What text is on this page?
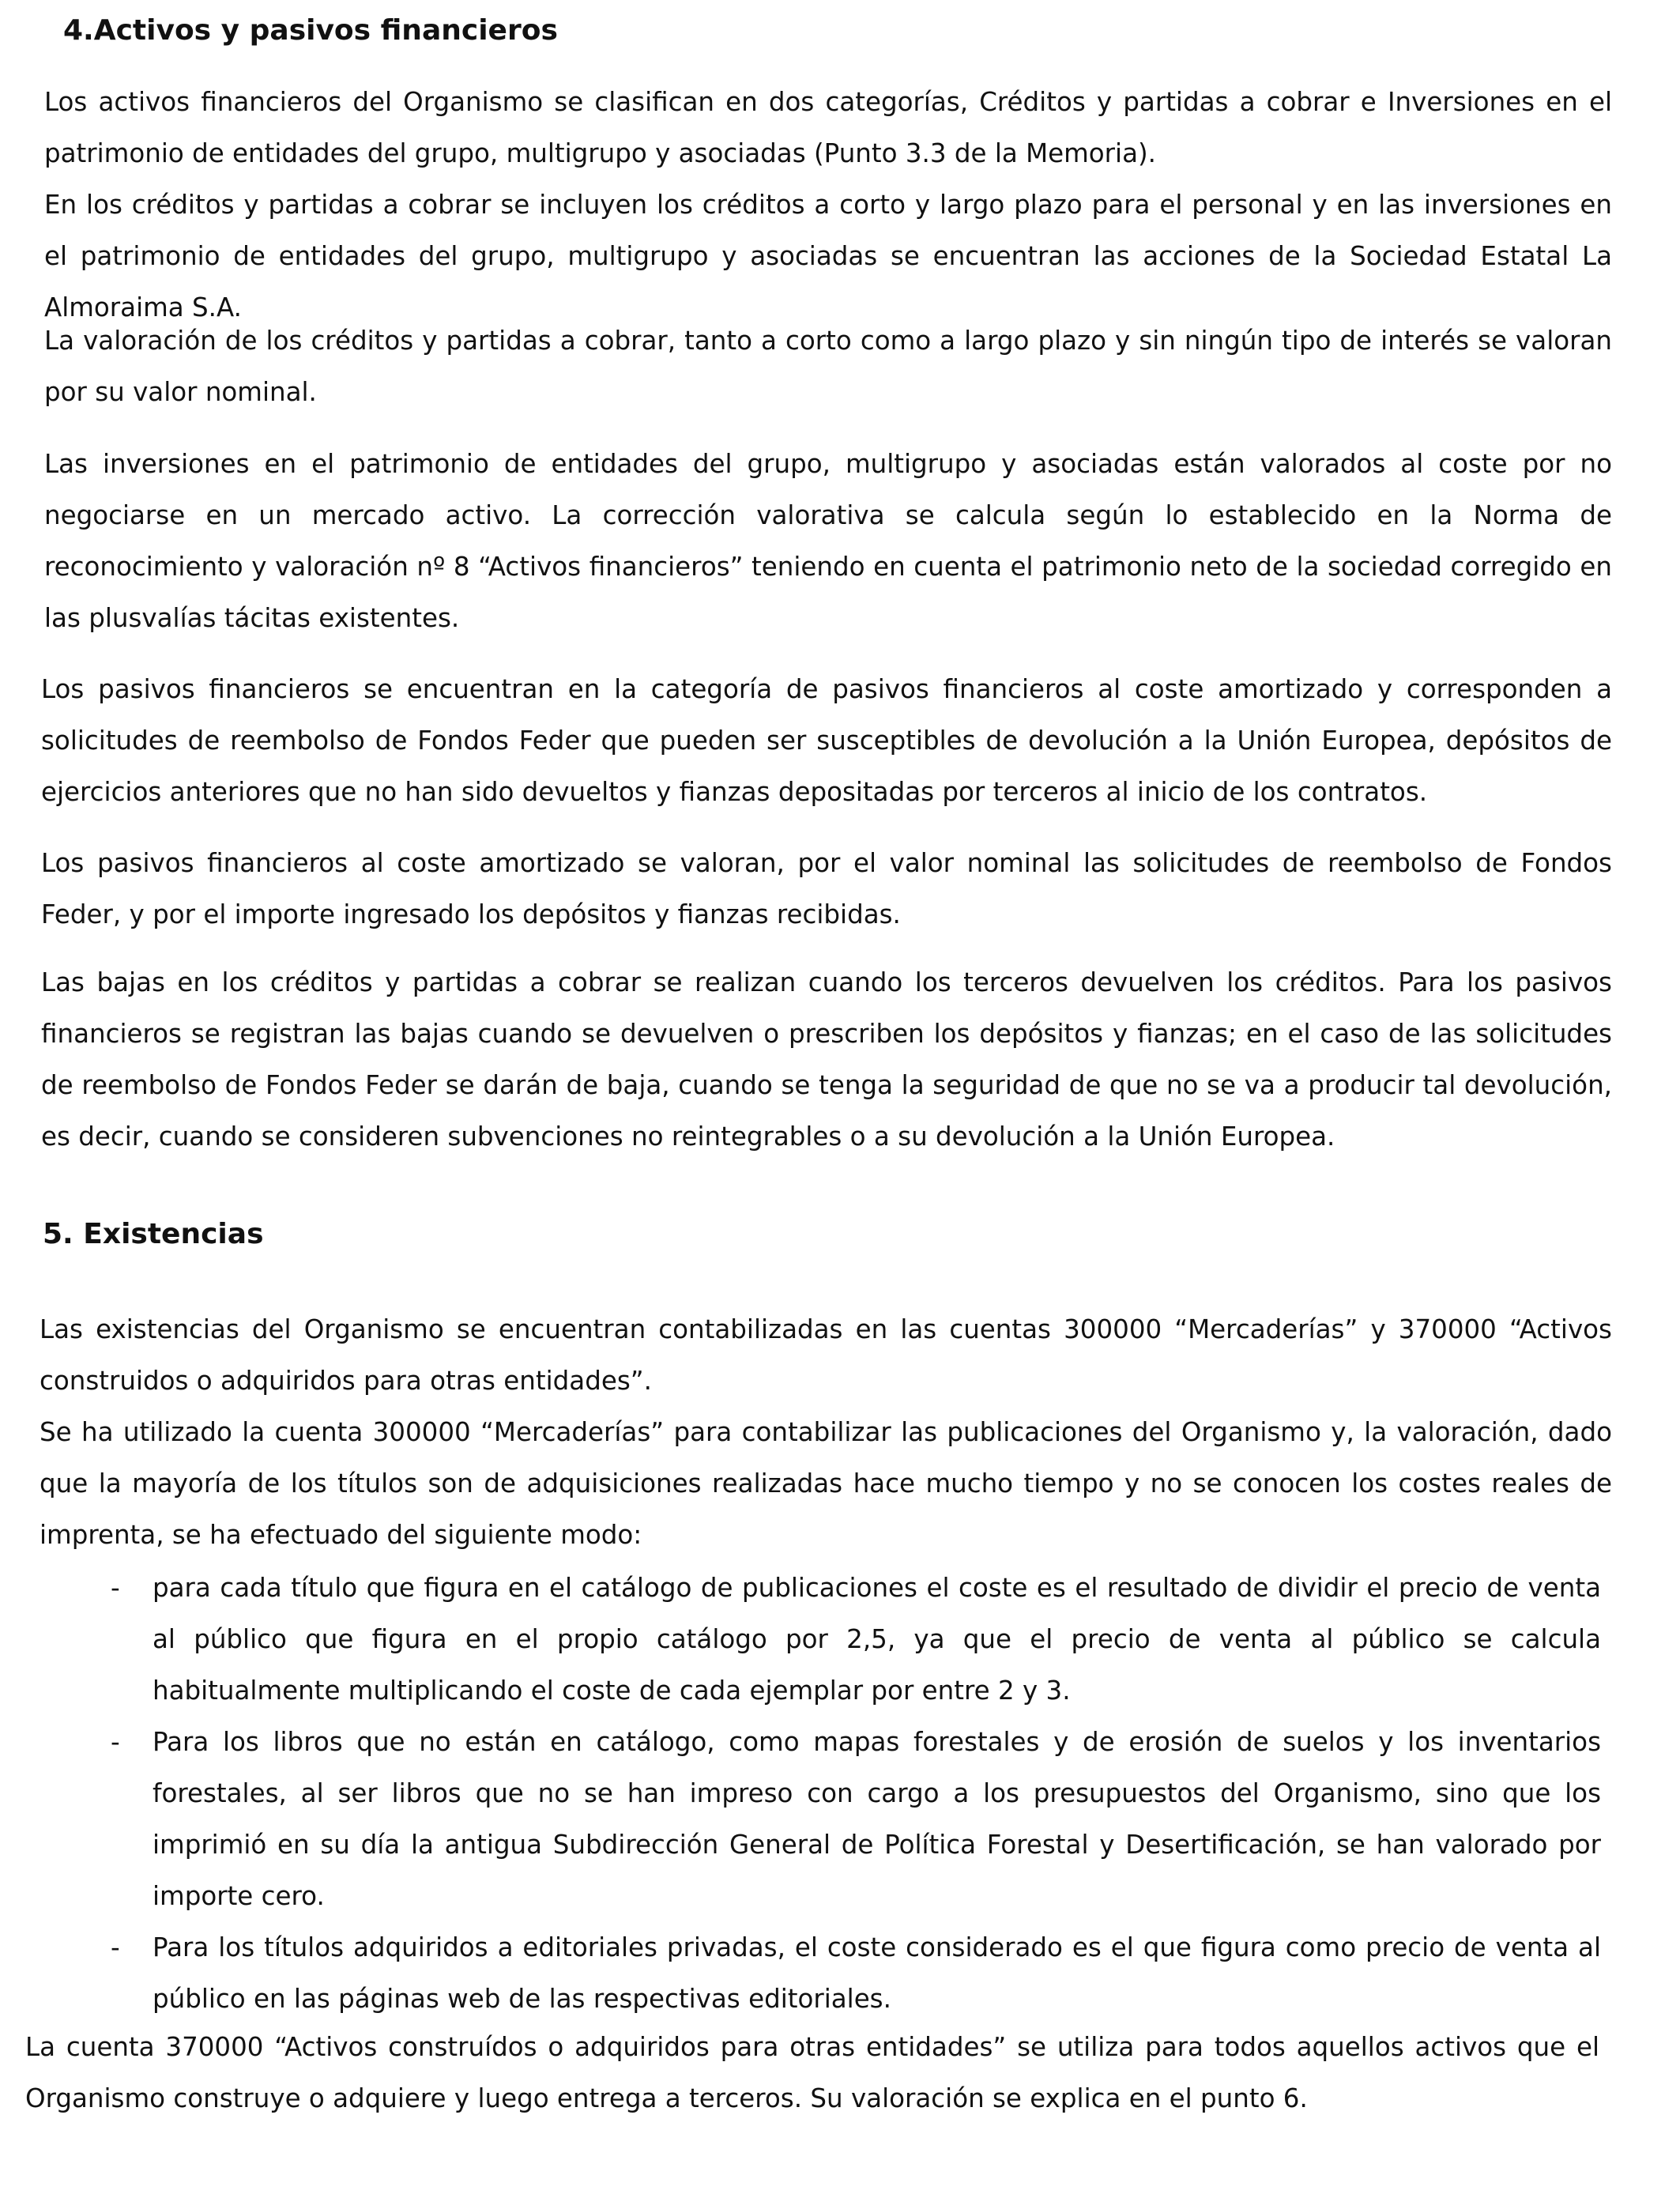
4.Activos y pasivos financieros

Los activos financieros del Organismo se clasifican en dos categorías, Créditos y partidas a cobrar e Inversiones en el patrimonio de entidades del grupo, multigrupo y asociadas (Punto 3.3 de la Memoria).

En los créditos y partidas a cobrar se incluyen los créditos a corto y largo plazo para el personal y en las inversiones en el patrimonio de entidades del grupo, multigrupo y asociadas se encuentran las acciones de la Sociedad Estatal La Almoraima S.A.

La valoración de los créditos y partidas a cobrar, tanto a corto como a largo plazo y sin ningún tipo de interés se valoran por su valor nominal.

Las inversiones en el patrimonio de entidades del grupo, multigrupo y asociadas están valorados al coste por no negociarse en un mercado activo. La corrección valorativa se calcula según lo establecido en la Norma de reconocimiento y valoración nº 8 “Activos financieros” teniendo en cuenta el patrimonio neto de la sociedad corregido en las plusvalías tácitas existentes.

Los pasivos financieros se encuentran en la categoría de pasivos financieros al coste amortizado y corresponden a solicitudes de reembolso de Fondos Feder que pueden ser susceptibles de devolución a la Unión Europea, depósitos de ejercicios anteriores que no han sido devueltos y fianzas depositadas por terceros al inicio de los contratos.

Los pasivos financieros al coste amortizado se valoran, por el valor nominal las solicitudes de reembolso de Fondos Feder, y por el importe ingresado los depósitos y fianzas recibidas.

Las bajas en los créditos y partidas a cobrar se realizan cuando los terceros devuelven los créditos. Para los pasivos financieros se registran las bajas cuando se devuelven o prescriben los depósitos y fianzas; en el caso de las solicitudes de reembolso de Fondos Feder se darán de baja, cuando se tenga la seguridad de que no se va a producir tal devolución, es decir, cuando se consideren subvenciones no reintegrables o a su devolución a la Unión Europea.

5. Existencias

Las existencias del Organismo se encuentran contabilizadas en las cuentas 300000 “Mercaderías” y 370000 “Activos construidos o adquiridos para otras entidades”.

Se ha utilizado la cuenta 300000 “Mercaderías” para contabilizar las publicaciones del Organismo y, la valoración, dado que la mayoría de los títulos son de adquisiciones realizadas hace mucho tiempo y no se conocen los costes reales de imprenta, se ha efectuado del siguiente modo:

- para cada título que figura en el catálogo de publicaciones el coste es el resultado de dividir el precio de venta al público que figura en el propio catálogo por 2,5, ya que el precio de venta al público se calcula habitualmente multiplicando el coste de cada ejemplar por entre 2 y 3.
- Para los libros que no están en catálogo, como mapas forestales y de erosión de suelos y los inventarios forestales, al ser libros que no se han impreso con cargo a los presupuestos del Organismo, sino que los imprimió en su día la antigua Subdirección General de Política Forestal y Desertificación, se han valorado por importe cero.
- Para los títulos adquiridos a editoriales privadas, el coste considerado es el que figura como precio de venta al público en las páginas web de las respectivas editoriales.

La cuenta 370000 “Activos construídos o adquiridos para otras entidades” se utiliza para todos aquellos activos que el Organismo construye o adquiere y luego entrega a terceros. Su valoración se explica en el punto 6.
